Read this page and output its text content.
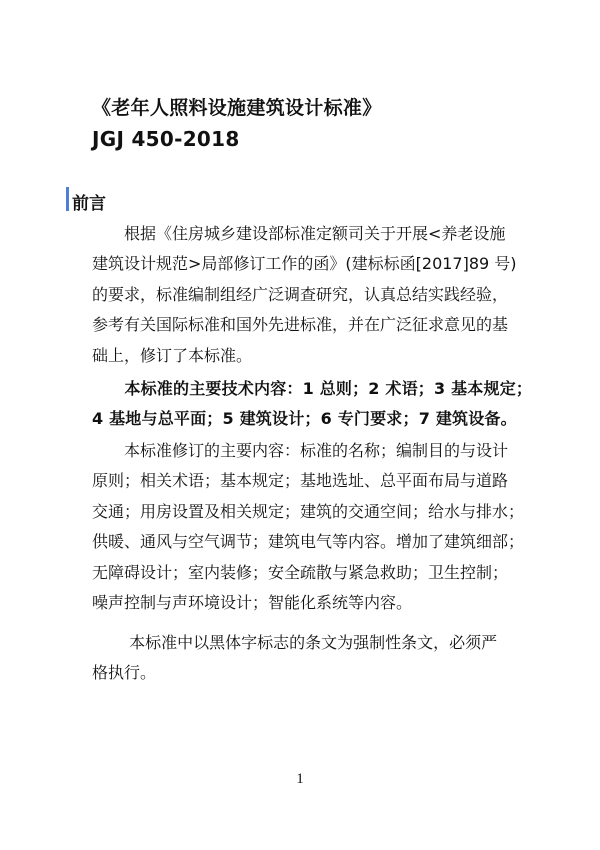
《老年人照料设施建筑设计标准》
JGJ 450-2018
前言

　　根据《住房城乡建设部标准定额司关于开展<养老设施
建筑设计规范>局部修订工作的函》(建标标函[2017]89 号)
的要求，标准编制组经广泛调查研究，认真总结实践经验，
参考有关国际标准和国外先进标准，并在广泛征求意见的基
础上，修订了本标准。

　　本标准的主要技术内容：1 总则；2 术语；3 基本规定；
4 基地与总平面；5 建筑设计；6 专门要求；7 建筑设备。

　　本标准修订的主要内容：标准的名称；编制目的与设计
原则；相关术语；基本规定；基地选址、总平面布局与道路
交通；用房设置及相关规定；建筑的交通空间；给水与排水；
供暖、通风与空气调节；建筑电气等内容。增加了建筑细部；
无障碍设计；室内装修；安全疏散与紧急救助；卫生控制；
噪声控制与声环境设计；智能化系统等内容。

　　 本标准中以黑体字标志的条文为强制性条文，必须严
格执行。

1
